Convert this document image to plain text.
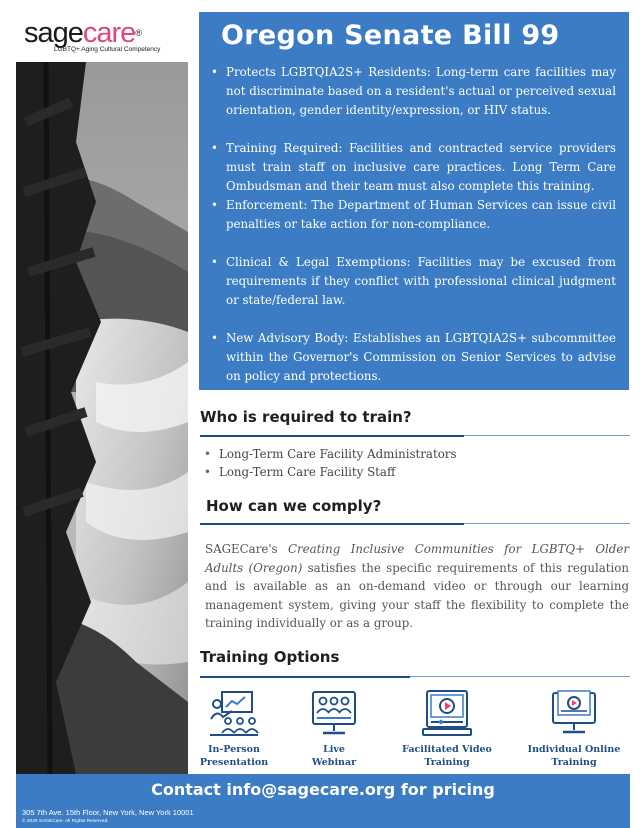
sagecare®
LGBTQ+ Aging Cultural Competency	Oregon Senate Bill 99
• Protects LGBTQIA2S+ Residents: Long-term care facilities may not discriminate based on a resident's actual or perceived sexual orientation, gender identity/expression, or HIV status.
• Training Required: Facilities and contracted service providers must train staff on inclusive care practices. Long Term Care Ombudsman and their team must also complete this training.
• Enforcement: The Department of Human Services can issue civil penalties or take action for non-compliance.
• Clinical & Legal Exemptions: Facilities may be excused from requirements if they conflict with professional clinical judgment or state/federal law.
• New Advisory Body: Establishes an LGBTQIA2S+ subcommittee within the Governor's Commission on Senior Services to advise on policy and protections.
Who is required to train?
• Long-Term Care Facility Administrators
• Long-Term Care Facility Staff
How can we comply?
SAGECare's Creating Inclusive Communities for LGBTQ+ Older Adults (Oregon) satisfies the specific requirements of this regulation and is available as an on-demand video or through our learning management system, giving your staff the flexibility to complete the training individually or as a group.
Training Options
In-Person
Presentation
Live
Webinar
Facilitated Video
Training
Individual Online
Training
Contact info@sagecare.org for pricing
305 7th Ave. 15th Floor, New York, New York 10001
© 2025 SAGECare. All Rights Reserved.
